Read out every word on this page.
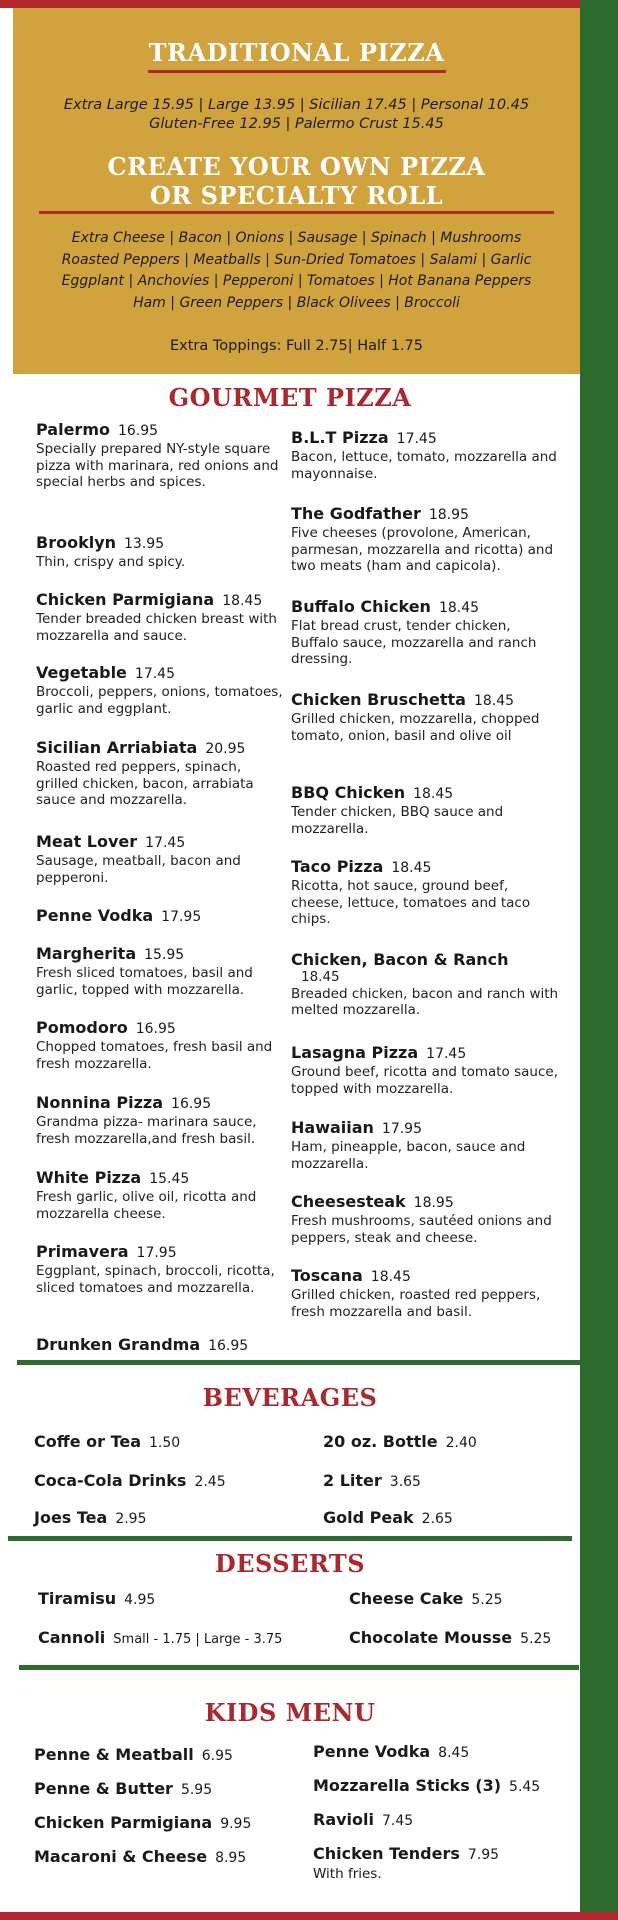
TRADITIONAL PIZZA

Extra Large 15.95 | Large 13.95 | Sicilian 17.45 | Personal 10.45

Gluten-Free 12.95 | Palermo Crust 15.45

CREATE YOUR OWN PIZZA
OR SPECIALTY ROLL

Extra Cheese | Bacon | Onions | Sausage | Spinach | Mushrooms

Roasted Peppers | Meatballs | Sun-Dried Tomatoes | Salami | Garlic

Eggplant | Anchovies | Pepperoni | Tomatoes | Hot Banana Peppers

Ham | Green Peppers | Black Olivees | Broccoli

Extra Toppings: Full 2.75| Half 1.75
GOURMET PIZZA
Palermo 16.95
Specially prepared NY-style square pizza with marinara, red onions and special herbs and spices.
Brooklyn 13.95
Thin, crispy and spicy.
Chicken Parmigiana 18.45
Tender breaded chicken breast with mozzarella and sauce.
Vegetable 17.45
Broccoli, peppers, onions, tomatoes, garlic and eggplant.
Sicilian Arriabiata 20.95
Roasted red peppers, spinach, grilled chicken, bacon, arrabiata sauce and mozzarella.
Meat Lover 17.45
Sausage, meatball, bacon and pepperoni.
Penne Vodka 17.95
Margherita 15.95
Fresh sliced tomatoes, basil and garlic, topped with mozzarella.
Pomodoro 16.95
Chopped tomatoes, fresh basil and fresh mozzarella.
Nonnina Pizza 16.95
Grandma pizza- marinara sauce, fresh mozzarella,and fresh basil.
White Pizza 15.45
Fresh garlic, olive oil, ricotta and mozzarella cheese.
Primavera 17.95
Eggplant, spinach, broccoli, ricotta, sliced tomatoes and mozzarella.
Drunken Grandma 16.95
B.L.T Pizza 17.45
Bacon, lettuce, tomato, mozzarella and mayonnaise.
The Godfather 18.95
Five cheeses (provolone, American, parmesan, mozzarella and ricotta) and two meats (ham and capicola).
Buffalo Chicken 18.45
Flat bread crust, tender chicken, Buffalo sauce, mozzarella and ranch dressing.
Chicken Bruschetta 18.45
Grilled chicken, mozzarella, chopped tomato, onion, basil and olive oil
BBQ Chicken 18.45
Tender chicken, BBQ sauce and mozzarella.
Taco Pizza 18.45
Ricotta, hot sauce, ground beef, cheese, lettuce, tomatoes and taco chips.
Chicken, Bacon & Ranch
18.45
Breaded chicken, bacon and ranch with melted mozzarella.
Lasagna Pizza 17.45
Ground beef, ricotta and tomato sauce, topped with mozzarella.
Hawaiian 17.95
Ham, pineapple, bacon, sauce and mozzarella.
Cheesesteak 18.95
Fresh mushrooms, sautéed onions and peppers, steak and cheese.
Toscana 18.45
Grilled chicken, roasted red peppers, fresh mozzarella and basil.
BEVERAGES
Coffe or Tea 1.50	20 oz. Bottle 2.40
Coca-Cola Drinks 2.45	2 Liter 3.65
Joes Tea 2.95	Gold Peak 2.65
DESSERTS
Tiramisu 4.95	Cheese Cake 5.25
Cannoli Small - 1.75 | Large - 3.75	Chocolate Mousse 5.25
KIDS MENU
Penne & Meatball 6.95	Penne Vodka 8.45
Penne & Butter 5.95	Mozzarella Sticks (3) 5.45
Chicken Parmigiana 9.95	Ravioli 7.45
Macaroni & Cheese 8.95	Chicken Tenders 7.95
With fries.
